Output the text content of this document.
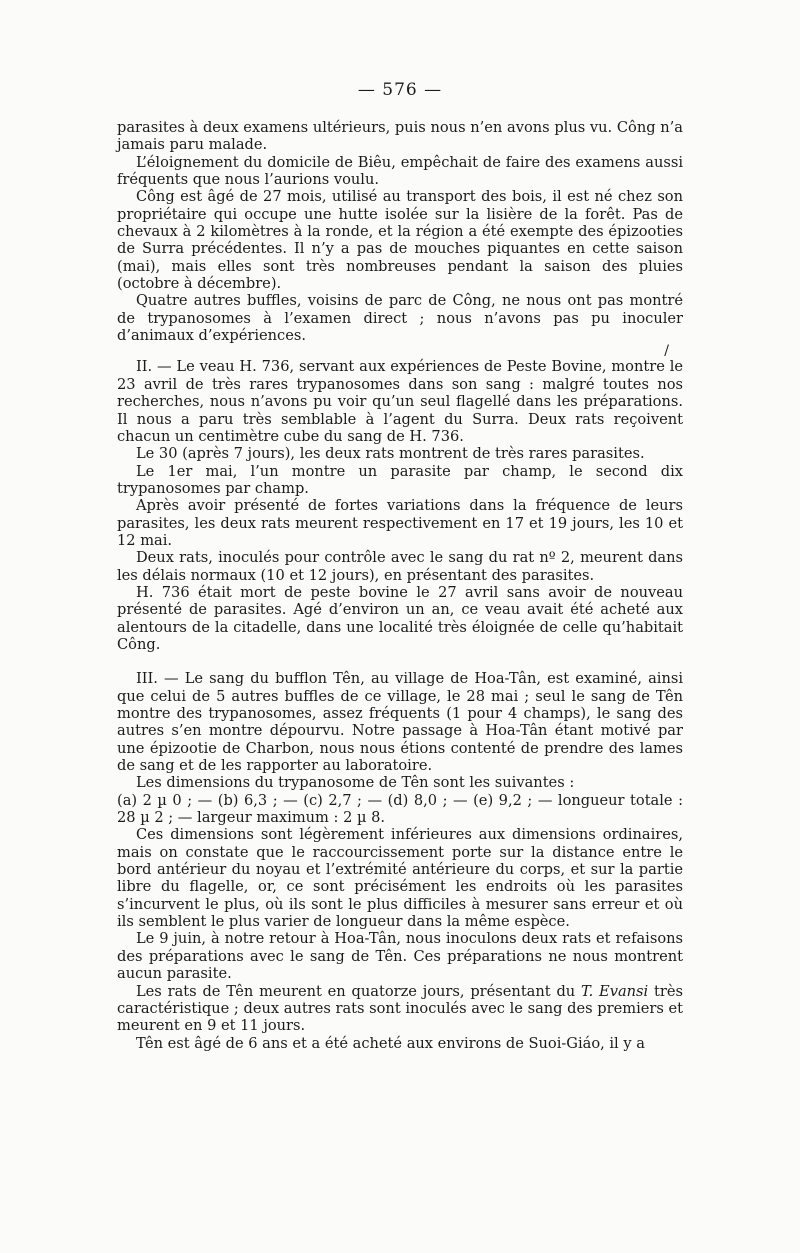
— 576 —

parasites à deux examens ultérieurs, puis nous n’en avons plus vu. Công n’a jamais paru malade.

L’éloignement du domicile de Biêu, empêchait de faire des examens aussi fréquents que nous l’aurions voulu.

Công est âgé de 27 mois, utilisé au transport des bois, il est né chez son propriétaire qui occupe une hutte isolée sur la lisière de la forêt. Pas de chevaux à 2 kilomètres à la ronde, et la région a été exempte des épizooties de Surra précédentes. Il n’y a pas de mouches piquantes en cette saison (mai), mais elles sont très nombreuses pendant la saison des pluies (octobre à décembre).

Quatre autres buffles, voisins de parc de Công, ne nous ont pas montré de trypanosomes à l’examen direct ; nous n’avons pas pu inoculer d’animaux d’expériences.

/

II. — Le veau H. 736, servant aux expériences de Peste Bovine, montre le 23 avril de très rares trypanosomes dans son sang : malgré toutes nos recherches, nous n’avons pu voir qu’un seul flagellé dans les préparations. Il nous a paru très semblable à l’agent du Surra. Deux rats reçoivent chacun un centimètre cube du sang de H. 736.

Le 30 (après 7 jours), les deux rats montrent de très rares parasites.

Le 1er mai, l’un montre un parasite par champ, le second dix trypanosomes par champ.

Après avoir présenté de fortes variations dans la fréquence de leurs parasites, les deux rats meurent respectivement en 17 et 19 jours, les 10 et 12 mai.

Deux rats, inoculés pour contrôle avec le sang du rat nº 2, meurent dans les délais normaux (10 et 12 jours), en présentant des parasites.

H. 736 était mort de peste bovine le 27 avril sans avoir de nouveau présenté de parasites. Agé d’environ un an, ce veau avait été acheté aux alentours de la citadelle, dans une localité très éloignée de celle qu’habitait Công.

III. — Le sang du bufflon Tên, au village de Hoa-Tân, est examiné, ainsi que celui de 5 autres buffles de ce village, le 28 mai ; seul le sang de Tên montre des trypanosomes, assez fréquents (1 pour 4 champs), le sang des autres s’en montre dépourvu. Notre passage à Hoa-Tân étant motivé par une épizootie de Charbon, nous nous étions contenté de prendre des lames de sang et de les rapporter au laboratoire.

Les dimensions du trypanosome de Tên sont les suivantes :

(a) 2 µ 0 ; — (b) 6,3 ; — (c) 2,7 ; — (d) 8,0 ; — (e) 9,2 ; — longueur totale : 28 µ 2 ; — largeur maximum : 2 µ 8.

Ces dimensions sont légèrement inférieures aux dimensions ordinaires, mais on constate que le raccourcissement porte sur la distance entre le bord antérieur du noyau et l’extrémité antérieure du corps, et sur la partie libre du flagelle, or, ce sont précisément les endroits où les parasites s’incurvent le plus, où ils sont le plus difficiles à mesurer sans erreur et où ils semblent le plus varier de longueur dans la même espèce.

Le 9 juin, à notre retour à Hoa-Tân, nous inoculons deux rats et refaisons des préparations avec le sang de Tên. Ces préparations ne nous montrent aucun parasite.

Les rats de Tên meurent en quatorze jours, présentant du T. Evansi très caractéristique ; deux autres rats sont inoculés avec le sang des premiers et meurent en 9 et 11 jours.

Tên est âgé de 6 ans et a été acheté aux environs de Suoi-Giáo, il y a
